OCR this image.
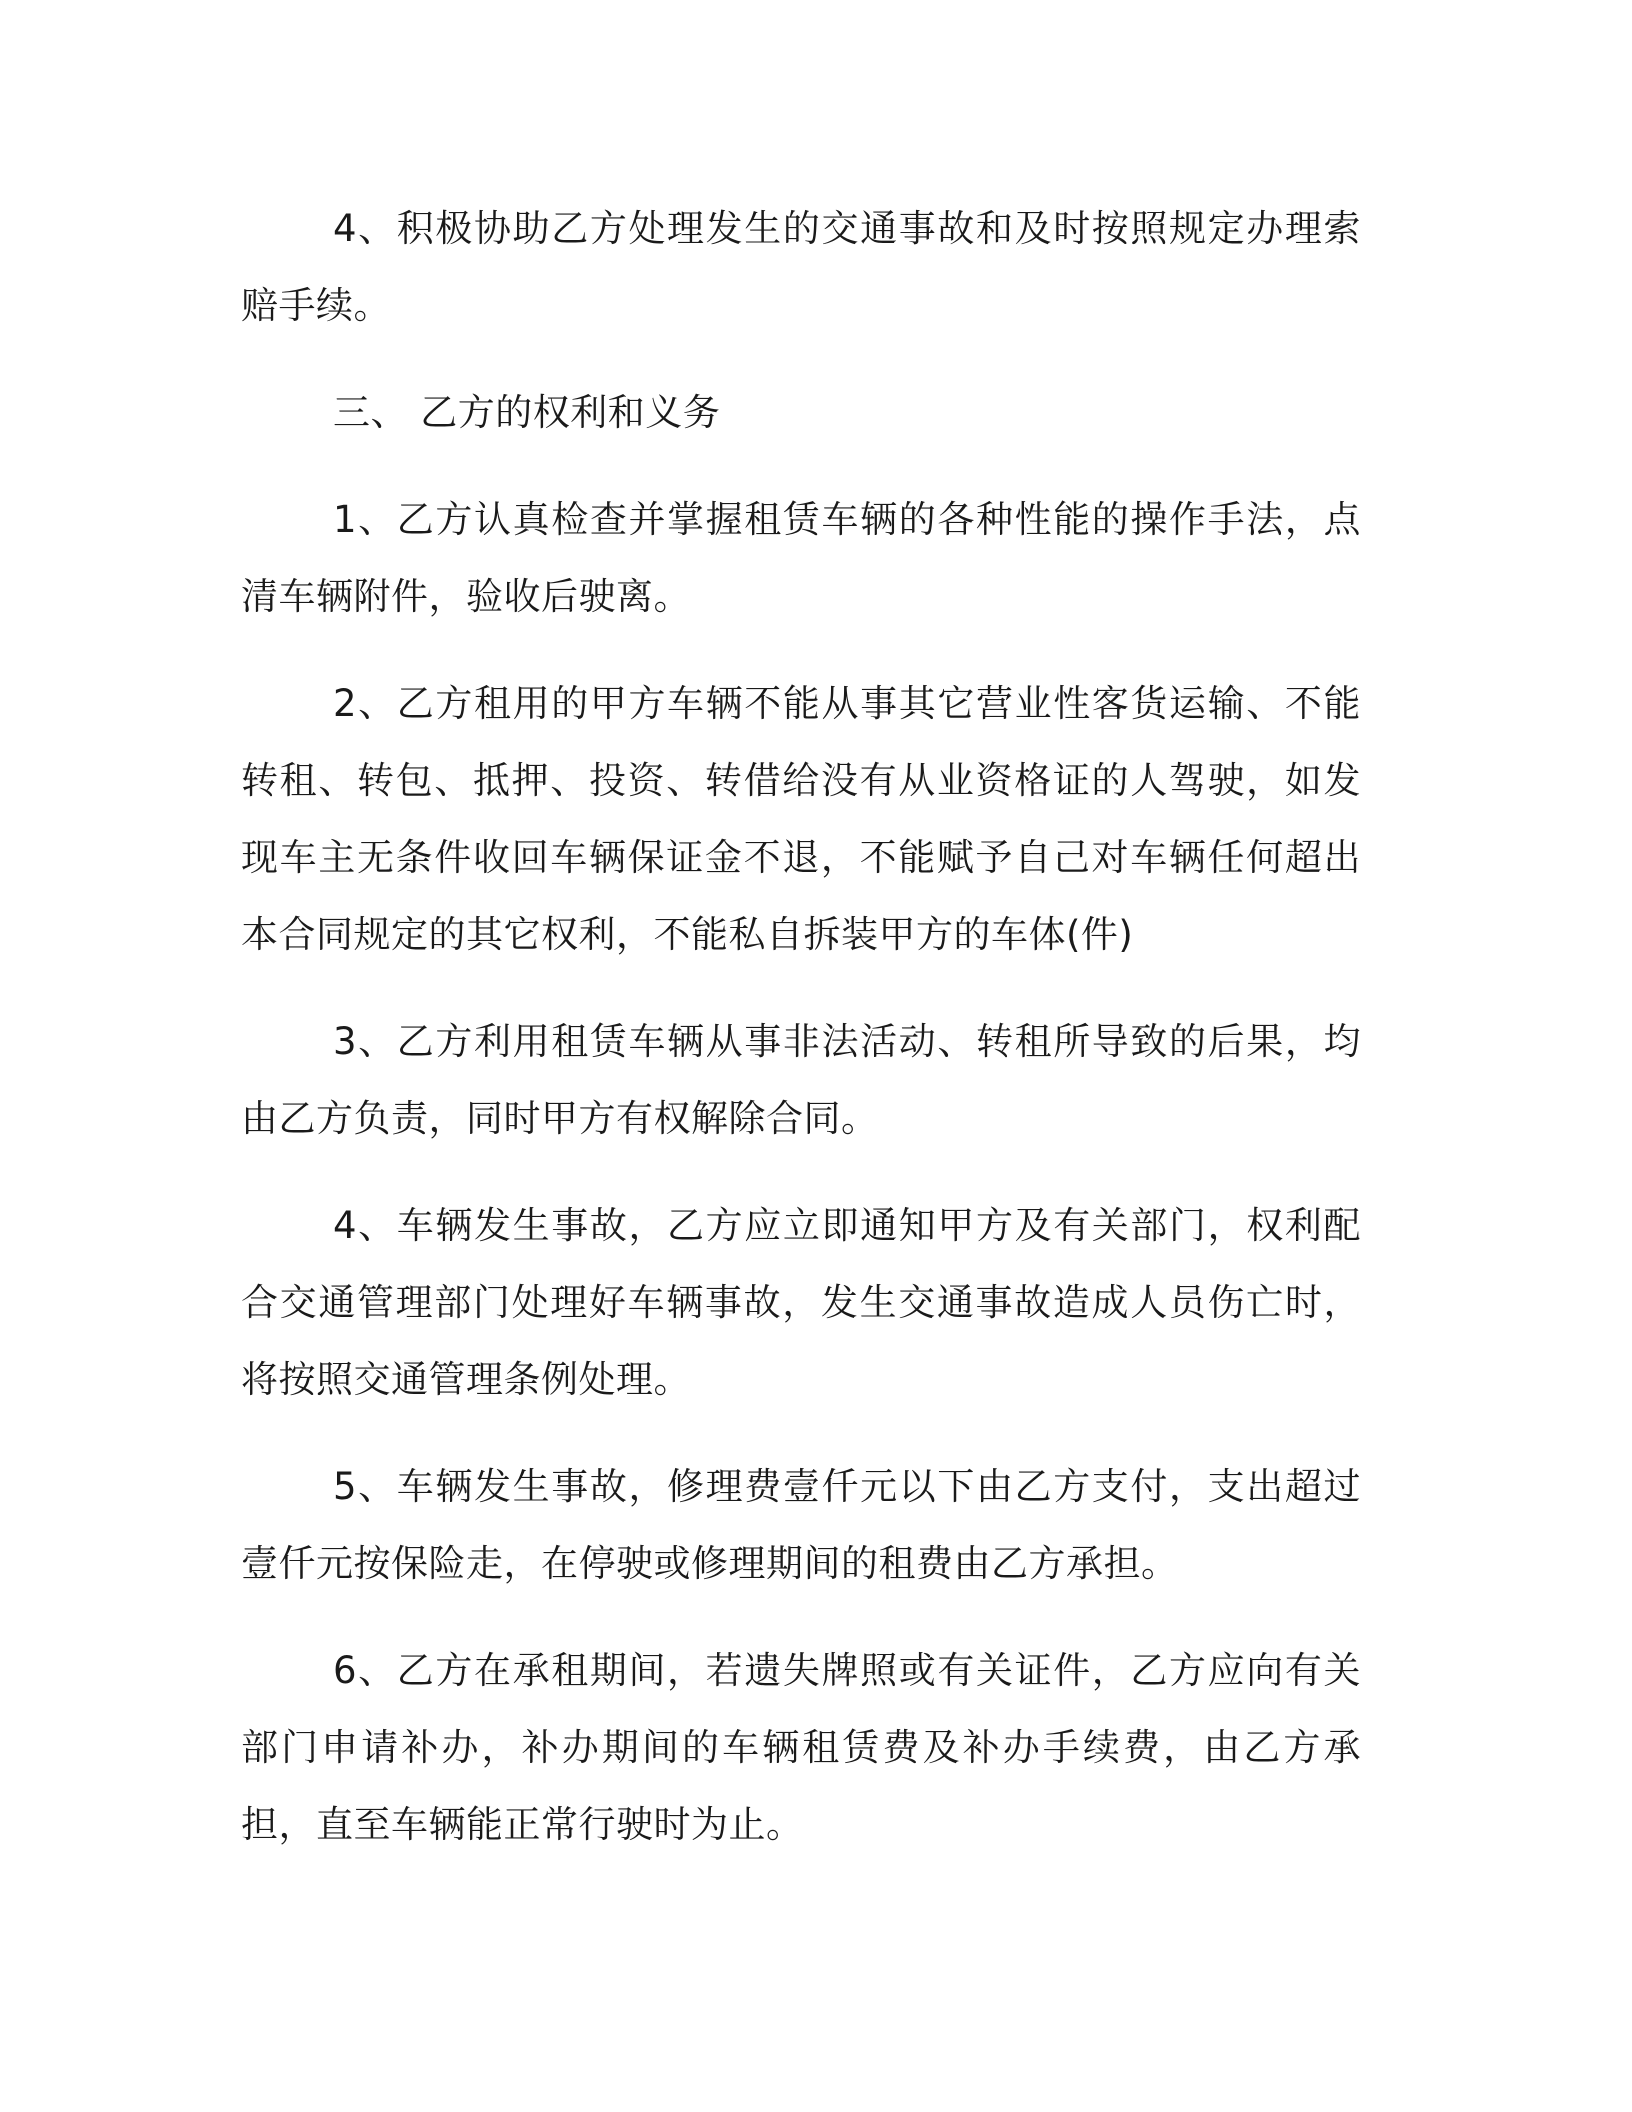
4、积极协助乙方处理发生的交通事故和及时按照规定办理索赔手续。

三、 乙方的权利和义务

1、乙方认真检查并掌握租赁车辆的各种性能的操作手法，点清车辆附件，验收后驶离。

2、乙方租用的甲方车辆不能从事其它营业性客货运输、不能转租、转包、抵押、投资、转借给没有从业资格证的人驾驶，如发现车主无条件收回车辆保证金不退，不能赋予自己对车辆任何超出本合同规定的其它权利，不能私自拆装甲方的车体(件)

3、乙方利用租赁车辆从事非法活动、转租所导致的后果，均由乙方负责，同时甲方有权解除合同。

4、车辆发生事故，乙方应立即通知甲方及有关部门，权利配合交通管理部门处理好车辆事故，发生交通事故造成人员伤亡时，将按照交通管理条例处理。

5、车辆发生事故，修理费壹仟元以下由乙方支付，支出超过壹仟元按保险走，在停驶或修理期间的租费由乙方承担。

6、乙方在承租期间，若遗失牌照或有关证件，乙方应向有关部门申请补办，补办期间的车辆租赁费及补办手续费，由乙方承担，直至车辆能正常行驶时为止。
